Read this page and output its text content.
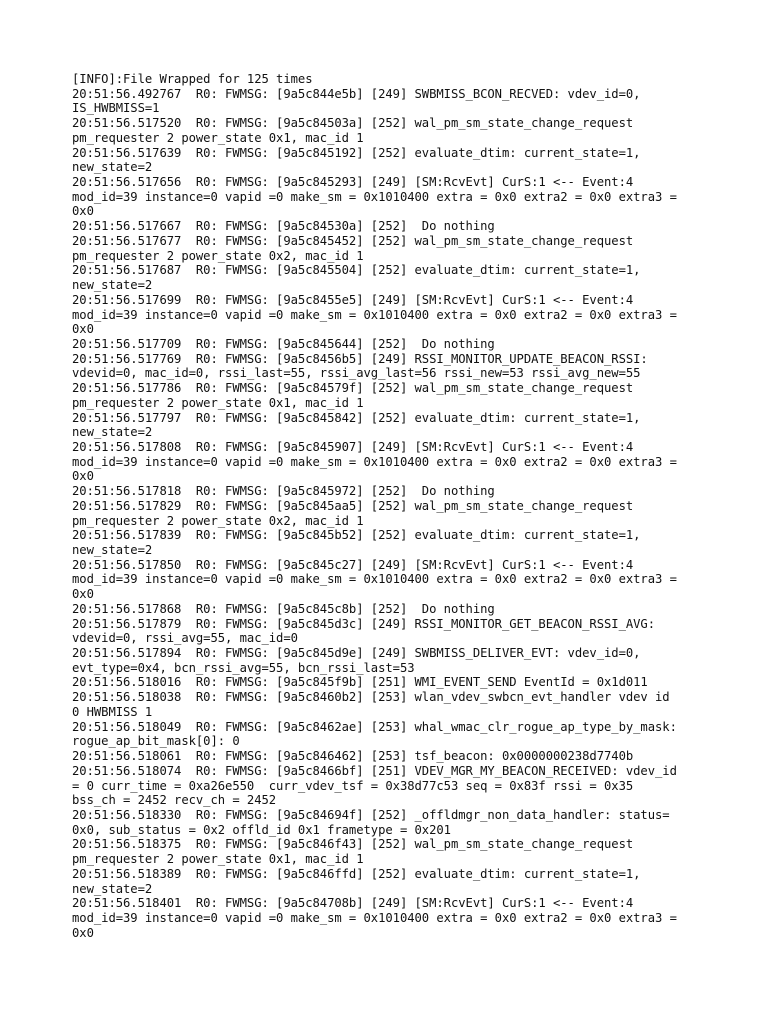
[INFO]:File Wrapped for 125 times
20:51:56.492767  R0: FWMSG: [9a5c844e5b] [249] SWBMISS_BCON_RECVED: vdev_id=0,
IS_HWBMISS=1
20:51:56.517520  R0: FWMSG: [9a5c84503a] [252] wal_pm_sm_state_change_request
pm_requester 2 power_state 0x1, mac_id 1
20:51:56.517639  R0: FWMSG: [9a5c845192] [252] evaluate_dtim: current_state=1,
new_state=2
20:51:56.517656  R0: FWMSG: [9a5c845293] [249] [SM:RcvEvt] CurS:1 <-- Event:4
mod_id=39 instance=0 vapid =0 make_sm = 0x1010400 extra = 0x0 extra2 = 0x0 extra3 =
0x0
20:51:56.517667  R0: FWMSG: [9a5c84530a] [252]  Do nothing
20:51:56.517677  R0: FWMSG: [9a5c845452] [252] wal_pm_sm_state_change_request
pm_requester 2 power_state 0x2, mac_id 1
20:51:56.517687  R0: FWMSG: [9a5c845504] [252] evaluate_dtim: current_state=1,
new_state=2
20:51:56.517699  R0: FWMSG: [9a5c8455e5] [249] [SM:RcvEvt] CurS:1 <-- Event:4
mod_id=39 instance=0 vapid =0 make_sm = 0x1010400 extra = 0x0 extra2 = 0x0 extra3 =
0x0
20:51:56.517709  R0: FWMSG: [9a5c845644] [252]  Do nothing
20:51:56.517769  R0: FWMSG: [9a5c8456b5] [249] RSSI_MONITOR_UPDATE_BEACON_RSSI:
vdevid=0, mac_id=0, rssi_last=55, rssi_avg_last=56 rssi_new=53 rssi_avg_new=55
20:51:56.517786  R0: FWMSG: [9a5c84579f] [252] wal_pm_sm_state_change_request
pm_requester 2 power_state 0x1, mac_id 1
20:51:56.517797  R0: FWMSG: [9a5c845842] [252] evaluate_dtim: current_state=1,
new_state=2
20:51:56.517808  R0: FWMSG: [9a5c845907] [249] [SM:RcvEvt] CurS:1 <-- Event:4
mod_id=39 instance=0 vapid =0 make_sm = 0x1010400 extra = 0x0 extra2 = 0x0 extra3 =
0x0
20:51:56.517818  R0: FWMSG: [9a5c845972] [252]  Do nothing
20:51:56.517829  R0: FWMSG: [9a5c845aa5] [252] wal_pm_sm_state_change_request
pm_requester 2 power_state 0x2, mac_id 1
20:51:56.517839  R0: FWMSG: [9a5c845b52] [252] evaluate_dtim: current_state=1,
new_state=2
20:51:56.517850  R0: FWMSG: [9a5c845c27] [249] [SM:RcvEvt] CurS:1 <-- Event:4
mod_id=39 instance=0 vapid =0 make_sm = 0x1010400 extra = 0x0 extra2 = 0x0 extra3 =
0x0
20:51:56.517868  R0: FWMSG: [9a5c845c8b] [252]  Do nothing
20:51:56.517879  R0: FWMSG: [9a5c845d3c] [249] RSSI_MONITOR_GET_BEACON_RSSI_AVG:
vdevid=0, rssi_avg=55, mac_id=0
20:51:56.517894  R0: FWMSG: [9a5c845d9e] [249] SWBMISS_DELIVER_EVT: vdev_id=0,
evt_type=0x4, bcn_rssi_avg=55, bcn_rssi_last=53
20:51:56.518016  R0: FWMSG: [9a5c845f9b] [251] WMI_EVENT_SEND EventId = 0x1d011
20:51:56.518038  R0: FWMSG: [9a5c8460b2] [253] wlan_vdev_swbcn_evt_handler vdev id
0 HWBMISS 1
20:51:56.518049  R0: FWMSG: [9a5c8462ae] [253] whal_wmac_clr_rogue_ap_type_by_mask:
rogue_ap_bit_mask[0]: 0
20:51:56.518061  R0: FWMSG: [9a5c846462] [253] tsf_beacon: 0x0000000238d7740b
20:51:56.518074  R0: FWMSG: [9a5c8466bf] [251] VDEV_MGR_MY_BEACON_RECEIVED: vdev_id
= 0 curr_time = 0xa26e550  curr_vdev_tsf = 0x38d77c53 seq = 0x83f rssi = 0x35
bss_ch = 2452 recv_ch = 2452
20:51:56.518330  R0: FWMSG: [9a5c84694f] [252] _offldmgr_non_data_handler: status=
0x0, sub_status = 0x2 offld_id 0x1 frametype = 0x201
20:51:56.518375  R0: FWMSG: [9a5c846f43] [252] wal_pm_sm_state_change_request
pm_requester 2 power_state 0x1, mac_id 1
20:51:56.518389  R0: FWMSG: [9a5c846ffd] [252] evaluate_dtim: current_state=1,
new_state=2
20:51:56.518401  R0: FWMSG: [9a5c84708b] [249] [SM:RcvEvt] CurS:1 <-- Event:4
mod_id=39 instance=0 vapid =0 make_sm = 0x1010400 extra = 0x0 extra2 = 0x0 extra3 =
0x0
